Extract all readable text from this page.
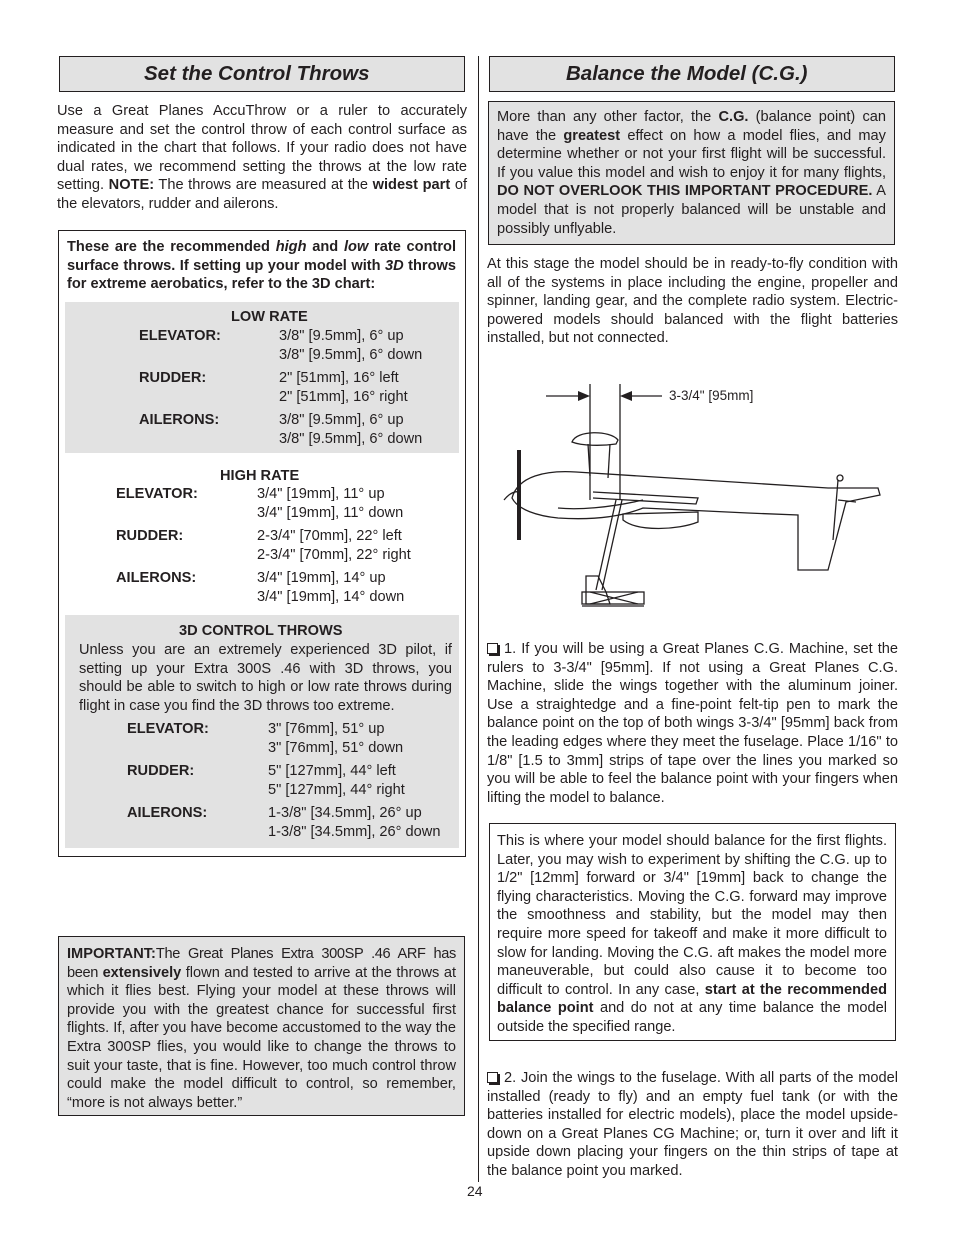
Set the Control Throws
Use a Great Planes AccuThrow or a ruler to accurately measure and set the control throw of each control surface as indicated in the chart that follows. If your radio does not have dual rates, we recommend setting the throws at the low rate setting. NOTE: The throws are measured at the widest part of the elevators, rudder and ailerons.
These are the recommended high and low rate control surface throws. If setting up your model with 3D throws for extreme aerobatics, refer to the 3D chart:
LOW RATE
ELEVATOR:	3/8" [9.5mm], 6° up
3/8" [9.5mm], 6° down
RUDDER:	2" [51mm], 16° left
2" [51mm], 16° right
AILERONS:	3/8" [9.5mm], 6° up
3/8" [9.5mm], 6° down
HIGH RATE
ELEVATOR:	3/4" [19mm], 11° up
3/4" [19mm], 11° down
RUDDER:	2-3/4" [70mm], 22° left
2-3/4" [70mm], 22° right
AILERONS:	3/4" [19mm], 14° up
3/4" [19mm], 14° down
3D CONTROL THROWS
Unless you are an extremely experienced 3D pilot, if setting up your Extra 300S .46 with 3D throws, you should be able to switch to high or low rate throws during flight in case you find the 3D throws too extreme.
ELEVATOR:	3" [76mm], 51° up
3" [76mm], 51° down
RUDDER:	5" [127mm], 44° left
5" [127mm], 44° right
AILERONS:	1-3/8" [34.5mm], 26° up
1-3/8" [34.5mm], 26° down
IMPORTANT:The Great Planes Extra 300SP .46 ARF has been extensively flown and tested to arrive at the throws at which it flies best. Flying your model at these throws will provide you with the greatest chance for successful first flights. If, after you have become accustomed to the way the Extra 300SP flies, you would like to change the throws to suit your taste, that is fine. However, too much control throw could make the model difficult to control, so remember, “more is not always better.”
Balance the Model (C.G.)
More than any other factor, the C.G. (balance point) can have the greatest effect on how a model flies, and may determine whether or not your first flight will be successful. If you value this model and wish to enjoy it for many flights, DO NOT OVERLOOK THIS IMPORTANT PROCEDURE. A model that is not properly balanced will be unstable and possibly unflyable.
At this stage the model should be in ready-to-fly condition with all of the systems in place including the engine, propeller and spinner, landing gear, and the complete radio system. Electric-powered models should balanced with the flight batteries installed, but not connected.
3-3/4" [95mm]
1. If you will be using a Great Planes C.G. Machine, set the rulers to 3-3/4" [95mm]. If not using a Great Planes C.G. Machine, slide the wings together with the aluminum joiner. Use a straightedge and a fine-point felt-tip pen to mark the balance point on the top of both wings 3-3/4" [95mm] back from the leading edges where they meet the fuselage. Place 1/16" to 1/8" [1.5 to 3mm] strips of tape over the lines you marked so you will be able to feel the balance point with your fingers when lifting the model to balance.
This is where your model should balance for the first flights. Later, you may wish to experiment by shifting the C.G. up to 1/2" [12mm] forward or 3/4" [19mm] back to change the flying characteristics. Moving the C.G. forward may improve the smoothness and stability, but the model may then require more speed for takeoff and make it more difficult to slow for landing. Moving the C.G. aft makes the model more maneuverable, but could also cause it to become too difficult to control. In any case, start at the recommended balance point and do not at any time balance the model outside the specified range.
2. Join the wings to the fuselage. With all parts of the model installed (ready to fly) and an empty fuel tank (or with the batteries installed for electric models), place the model upside-down on a Great Planes CG Machine; or, turn it over and lift it upside down placing your fingers on the thin strips of tape at the balance point you marked.
24
